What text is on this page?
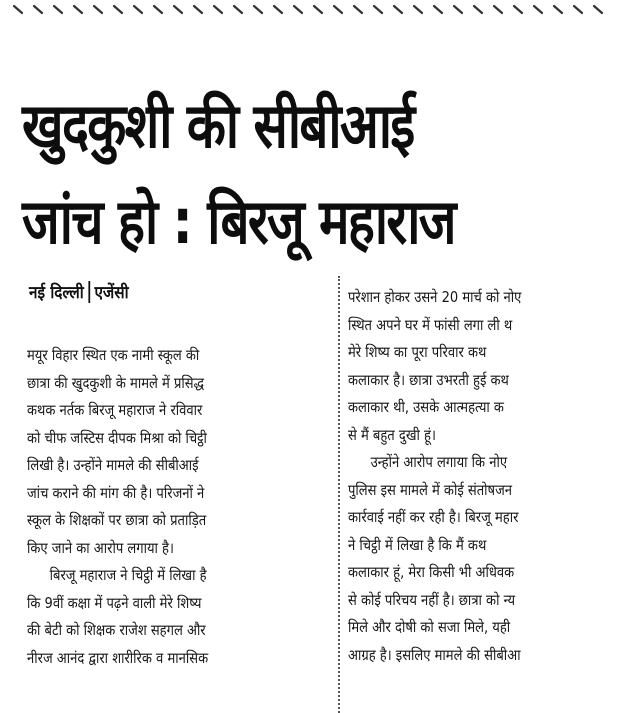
खुदकुशी की सीबीआई
जांच हो : बिरजू महाराज
नई दिल्ली एजेंसी
मयूर विहार स्थित एक नामी स्कूल की
छात्रा की खुदकुशी के मामले में प्रसिद्ध
कथक नर्तक बिरजू महाराज ने रविवार
को चीफ जस्टिस दीपक मिश्रा को चिट्ठी
लिखी है। उन्होंने मामले की सीबीआई
जांच कराने की मांग की है। परिजनों ने
स्कूल के शिक्षकों पर छात्रा को प्रताड़ित
किए जाने का आरोप लगाया है।
बिरजू महाराज ने चिट्ठी में लिखा है
कि 9वीं कक्षा में पढ़ने वाली मेरे शिष्य
की बेटी को शिक्षक राजेश सहगल और
नीरज आनंद द्वारा शारीरिक व मानसिक
परेशान होकर उसने 20 मार्च को नोए
स्थित अपने घर में फांसी लगा ली थ
मेरे शिष्य का पूरा परिवार कथ
कलाकार है। छात्रा उभरती हुई कथ
कलाकार थी, उसके आत्महत्या क
से मैं बहुत दुखी हूं।
उन्होंने आरोप लगाया कि नोए
पुलिस इस मामले में कोई संतोषजन
कार्रवाई नहीं कर रही है। बिरजू महार
ने चिट्ठी में लिखा है कि मैं कथ
कलाकार हूं, मेरा किसी भी अधिवक
से कोई परिचय नहीं है। छात्रा को न्य
मिले और दोषी को सजा मिले, यही
आग्रह है। इसलिए मामले की सीबीआ
